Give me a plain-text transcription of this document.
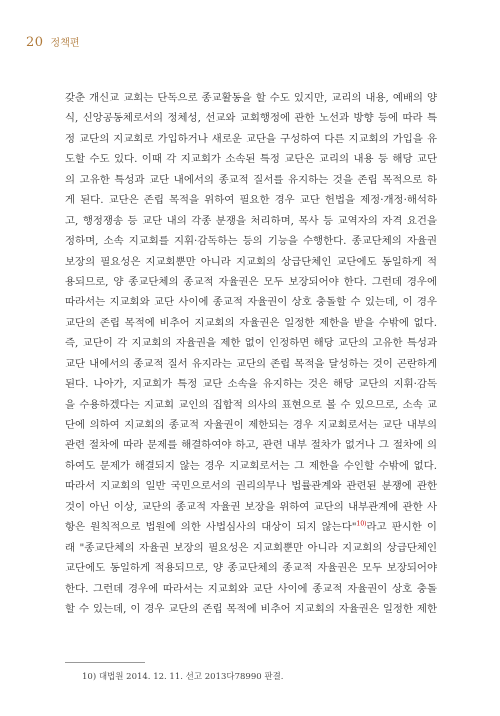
20 정책편
갖춘 개신교 교회는 단독으로 종교활동을 할 수도 있지만, 교리의 내용, 예배의 양
식, 신앙공동체로서의 정체성, 선교와 교회행정에 관한 노선과 방향 등에 따라 특
정 교단의 지교회로 가입하거나 새로운 교단을 구성하여 다른 지교회의 가입을 유
도할 수도 있다. 이때 각 지교회가 소속된 특정 교단은 교리의 내용 등 해당 교단
의 고유한 특성과 교단 내에서의 종교적 질서를 유지하는 것을 존립 목적으로 하
게 된다. 교단은 존립 목적을 위하여 필요한 경우 교단 헌법을 제정·개정·해석하
고, 행정쟁송 등 교단 내의 각종 분쟁을 처리하며, 목사 등 교역자의 자격 요건을
정하며, 소속 지교회를 지휘·감독하는 등의 기능을 수행한다. 종교단체의 자율권
보장의 필요성은 지교회뿐만 아니라 지교회의 상급단체인 교단에도 동일하게 적
용되므로, 양 종교단체의 종교적 자율권은 모두 보장되어야 한다. 그런데 경우에
따라서는 지교회와 교단 사이에 종교적 자율권이 상호 충돌할 수 있는데, 이 경우
교단의 존립 목적에 비추어 지교회의 자율권은 일정한 제한을 받을 수밖에 없다.
즉, 교단이 각 지교회의 자율권을 제한 없이 인정하면 해당 교단의 고유한 특성과
교단 내에서의 종교적 질서 유지라는 교단의 존립 목적을 달성하는 것이 곤란하게
된다. 나아가, 지교회가 특정 교단 소속을 유지하는 것은 해당 교단의 지휘·감독
을 수용하겠다는 지교회 교인의 집합적 의사의 표현으로 볼 수 있으므로, 소속 교
단에 의하여 지교회의 종교적 자율권이 제한되는 경우 지교회로서는 교단 내부의
관련 절차에 따라 문제를 해결하여야 하고, 관련 내부 절차가 없거나 그 절차에 의
하여도 문제가 해결되지 않는 경우 지교회로서는 그 제한을 수인할 수밖에 없다.
따라서 지교회의 일반 국민으로서의 권리의무나 법률관계와 관련된 분쟁에 관한
것이 아닌 이상, 교단의 종교적 자율권 보장을 위하여 교단의 내부관계에 관한 사
항은 원칙적으로 법원에 의한 사법심사의 대상이 되지 않는다"$^{10)}$라고 판시한 이
래 "종교단체의 자율권 보장의 필요성은 지교회뿐만 아니라 지교회의 상급단체인
교단에도 동일하게 적용되므로, 양 종교단체의 종교적 자율권은 모두 보장되어야
한다. 그런데 경우에 따라서는 지교회와 교단 사이에 종교적 자율권이 상호 충돌
할 수 있는데, 이 경우 교단의 존립 목적에 비추어 지교회의 자율권은 일정한 제한
10) 대법원 2014. 12. 11. 선고 2013다78990 판결.
